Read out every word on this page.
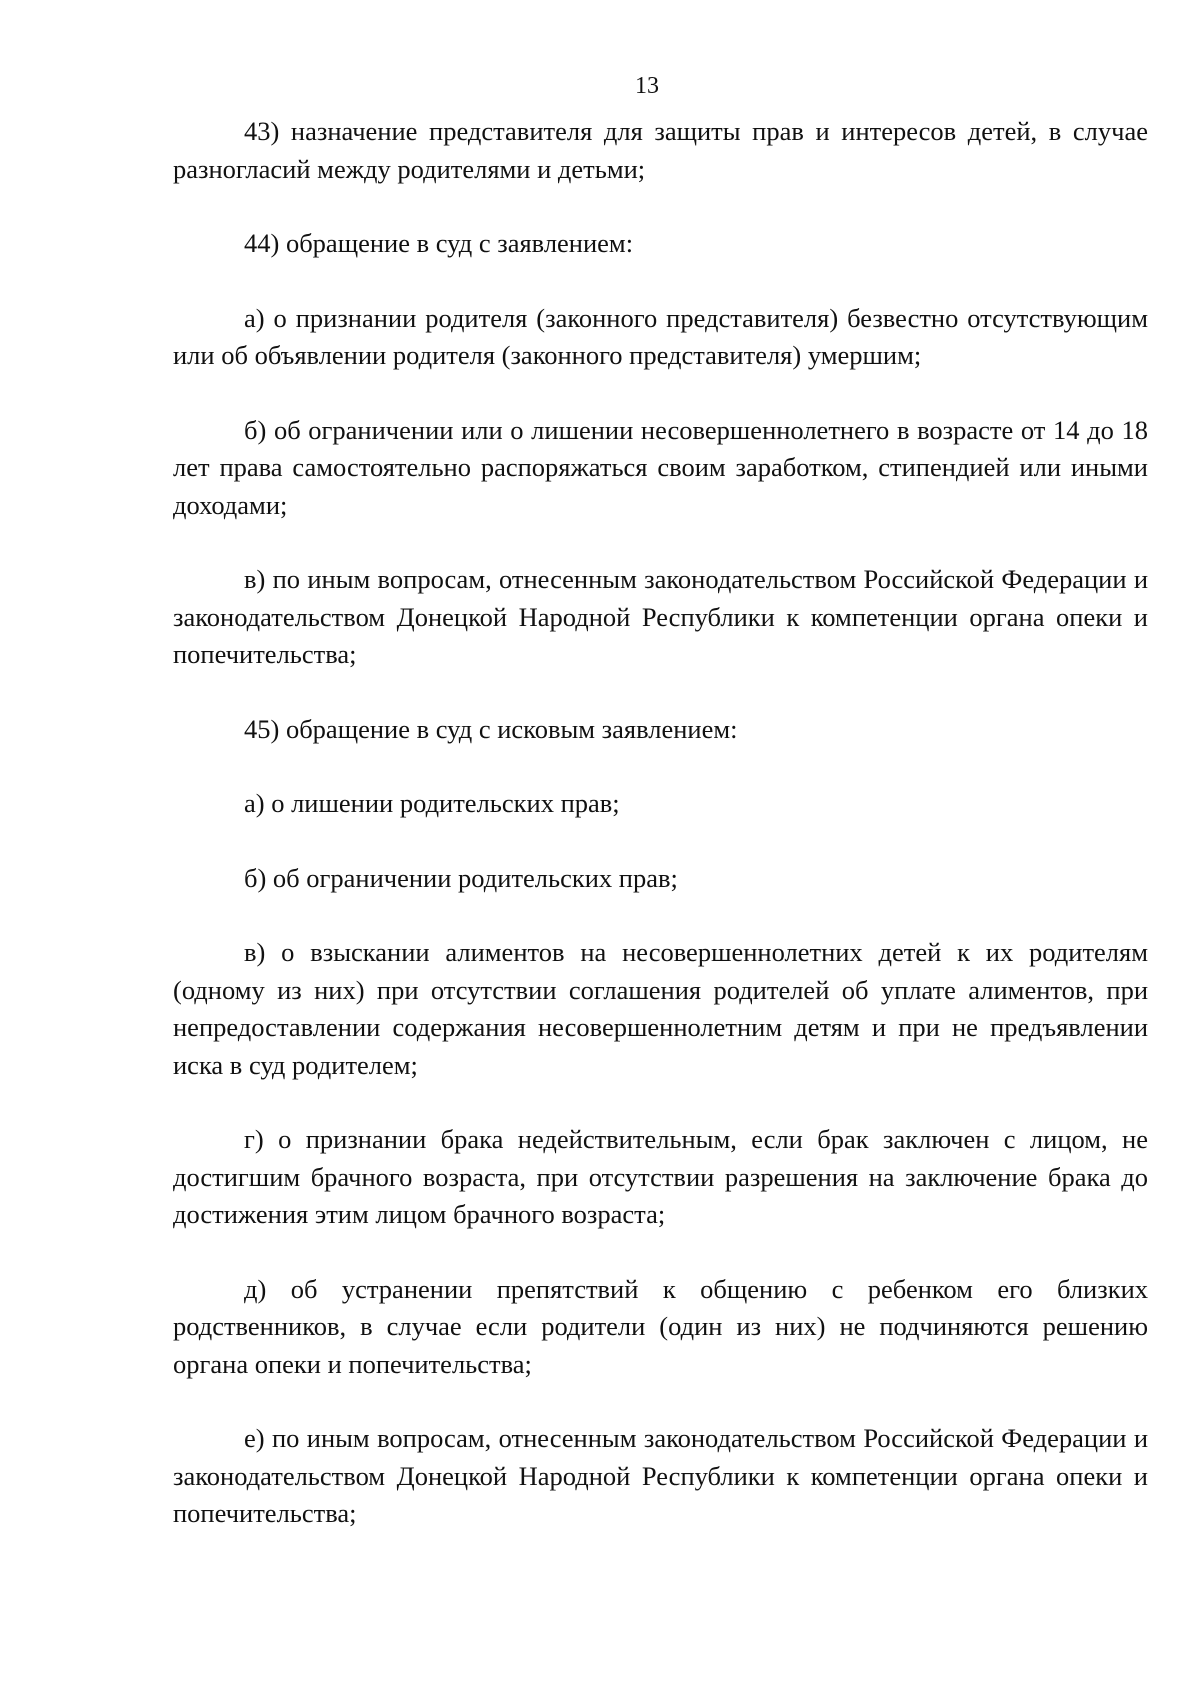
13

43) назначение представителя для защиты прав и интересов детей, в случае разногласий между родителями и детьми;

44) обращение в суд с заявлением:

а) о признании родителя (законного представителя) безвестно отсутствующим или об объявлении родителя (законного представителя) умершим;

б) об ограничении или о лишении несовершеннолетнего в возрасте от 14 до 18 лет права самостоятельно распоряжаться своим заработком, стипендией или иными доходами;

в) по иным вопросам, отнесенным законодательством Российской Федерации и законодательством Донецкой Народной Республики к компетенции органа опеки и попечительства;

45) обращение в суд с исковым заявлением:

а) о лишении родительских прав;

б) об ограничении родительских прав;

в) о взыскании алиментов на несовершеннолетних детей к их родителям (одному из них) при отсутствии соглашения родителей об уплате алиментов, при непредоставлении содержания несовершеннолетним детям и при не предъявлении иска в суд родителем;

г) о признании брака недействительным, если брак заключен с лицом, не достигшим брачного возраста, при отсутствии разрешения на заключение брака до достижения этим лицом брачного возраста;

д) об устранении препятствий к общению с ребенком его близких родственников, в случае если родители (один из них) не подчиняются решению органа опеки и попечительства;

е) по иным вопросам, отнесенным законодательством Российской Федерации и законодательством Донецкой Народной Республики к компетенции органа опеки и попечительства;
